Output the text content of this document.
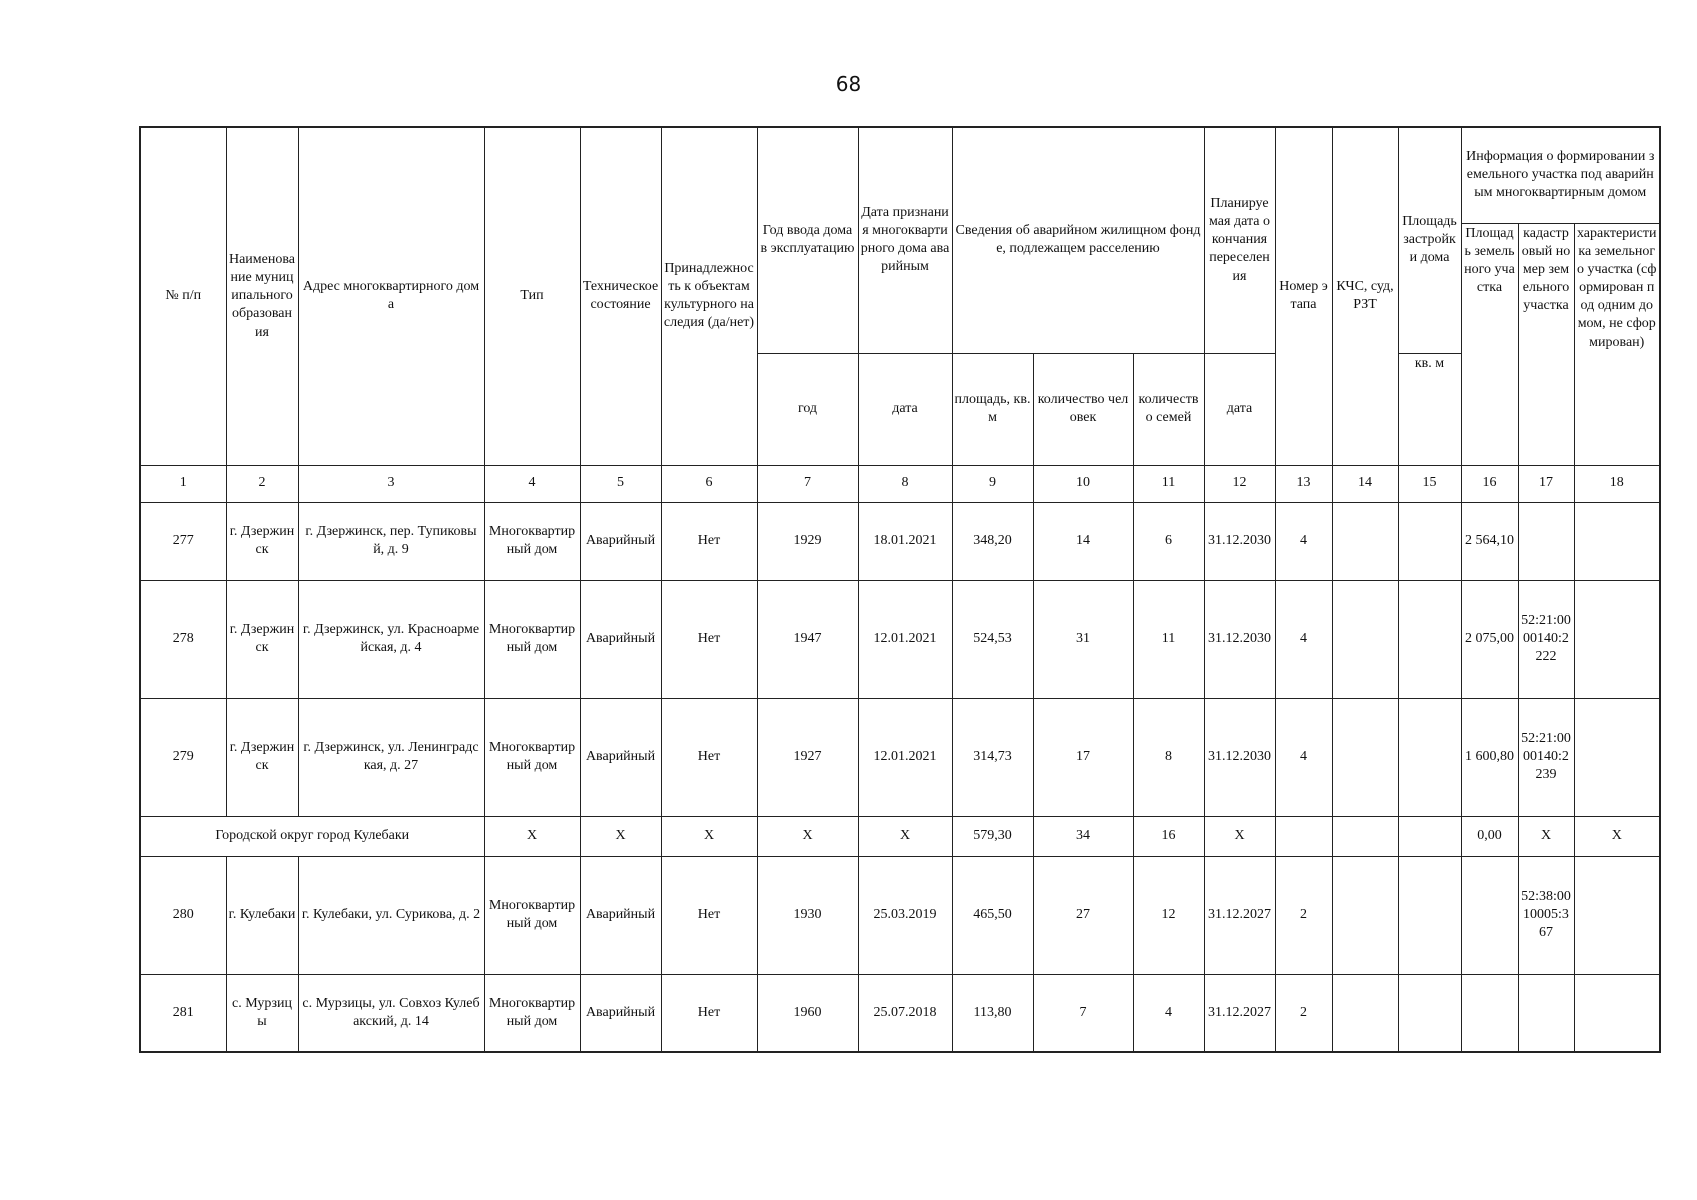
68
№ п/п	Наименование муниципального образования	Адрес многоквартирного дома	Тип	Техническое состояние	Принадлежность к объектам культурного наследия (да/нет)	Год ввода дома в эксплуатацию	Дата признания многоквартирного дома аварийным	Сведения об аварийном жилищном фонде, подлежащем расселению			Планируемая дата окончания переселения	Номер этапа	КЧС, суд, РЗТ	Площадь застройки дома	Информация о формировании земельного участка под аварийным многоквартирным домом		
															Площадь земельного участка	кадастровый номер земельного участка	характеристика земельного участка (сформирован под одним домом, не сформирован)
						год	дата	площадь, кв.м	количество человек	количество семей	дата			кв. м			
1	2	3	4	5	6	7	8	9	10	11	12	13	14	15	16	17	18
277	г. Дзержинск	г. Дзержинск, пер. Тупиковый, д. 9	Многоквартирный дом	Аварийный	Нет	1929	18.01.2021	348,20	14	6	31.12.2030	4			2 564,10		
278	г. Дзержинск	г. Дзержинск, ул. Красноармейская, д. 4	Многоквартирный дом	Аварийный	Нет	1947	12.01.2021	524,53	31	11	31.12.2030	4			2 075,00	52:21:0000140:2222	
279	г. Дзержинск	г. Дзержинск, ул. Ленинградская, д. 27	Многоквартирный дом	Аварийный	Нет	1927	12.01.2021	314,73	17	8	31.12.2030	4			1 600,80	52:21:0000140:2239	
Городской округ город Кулебаки			X	X	X	X	X	579,30	34	16	X				0,00	X	X
280	г. Кулебаки	г. Кулебаки, ул. Сурикова, д. 2	Многоквартирный дом	Аварийный	Нет	1930	25.03.2019	465,50	27	12	31.12.2027	2				52:38:0010005:367	
281	с. Мурзицы	с. Мурзицы, ул. Совхоз Кулебакский, д. 14	Многоквартирный дом	Аварийный	Нет	1960	25.07.2018	113,80	7	4	31.12.2027	2					
